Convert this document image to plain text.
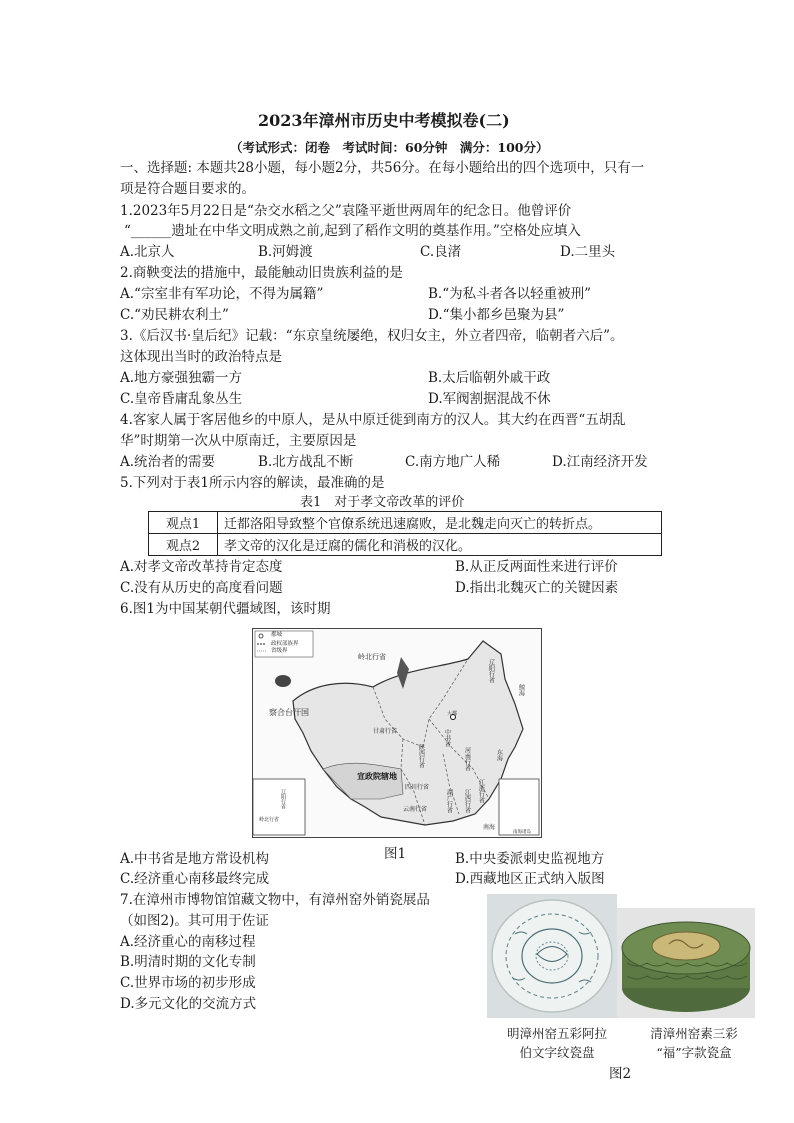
2023年漳州市历史中考模拟卷(二)
（考试形式：闭卷　考试时间：60分钟　满分：100分）
一、选择题: 本题共28小题，每小题2分，共56分。在每小题给出的四个选项中，只有一
项是符合题目要求的。
1.2023年5月22日是“杂交水稻之父”袁隆平逝世两周年的纪念日。他曾评价
“______遗址在中华文明成熟之前,起到了稻作文明的奠基作用。”空格处应填入
A.北京人	B.河姆渡	C.良渚	D.二里头
2.商鞅变法的措施中，最能触动旧贵族利益的是
A.“宗室非有军功论，不得为属籍”	B.“为私斗者各以轻重被刑”
C.“劝民耕农利土”	D.“集小都乡邑聚为县”
3.《后汉书·皇后纪》记载：“东京皇统屡绝，权归女主，外立者四帝，临朝者六后”。
这体现出当时的政治特点是
A.地方豪强独霸一方	B.太后临朝外戚干政
C.皇帝昏庸乱象丛生	D.军阀割据混战不休
4.客家人属于客居他乡的中原人，是从中原迁徙到南方的汉人。其大约在西晋“五胡乱
华”时期第一次从中原南迁，主要原因是
A.统治者的需要	B.北方战乱不断	C.南方地广人稀	D.江南经济开发
5.下列对于表1所示内容的解读，最准确的是
表1　对于孝文帝改革的评价
观点1	迁都洛阳导致整个官僚系统迅速腐败，是北魏走向灭亡的转折点。
观点2	孝文帝的汉化是迂腐的儒化和消极的汉化。
A.对孝文帝改革持肯定态度	B.从正反两面性来进行评价
C.没有从历史的高度看问题	D.指出北魏灭亡的关键因素
6.图1为中国某朝代疆域图，该时期
都城
政权部族界
省级界
岭北行省
辽阳行省
鲸海
察合台汗国
甘肃行省	中书省
大都
陕西行省	河南行省	东海
宣政院辖地
四川行省	江浙行省
湖广行省
云南行省	江西行省
南海
辽阳行省
岭北行省
南海诸岛
图1
A.中书省是地方常设机构	B.中央委派刺史监视地方
C.经济重心南移最终完成	D.西藏地区正式纳入版图
7.在漳州市博物馆馆藏文物中，有漳州窑外销瓷展品
（如图2)。其可用于佐证
A.经济重心的南移过程
B.明清时期的文化专制
C.世界市场的初步形成
D.多元文化的交流方式
明漳州窑五彩阿拉
伯文字纹瓷盘
清漳州窑素三彩
“福”字款瓷盒
图2
